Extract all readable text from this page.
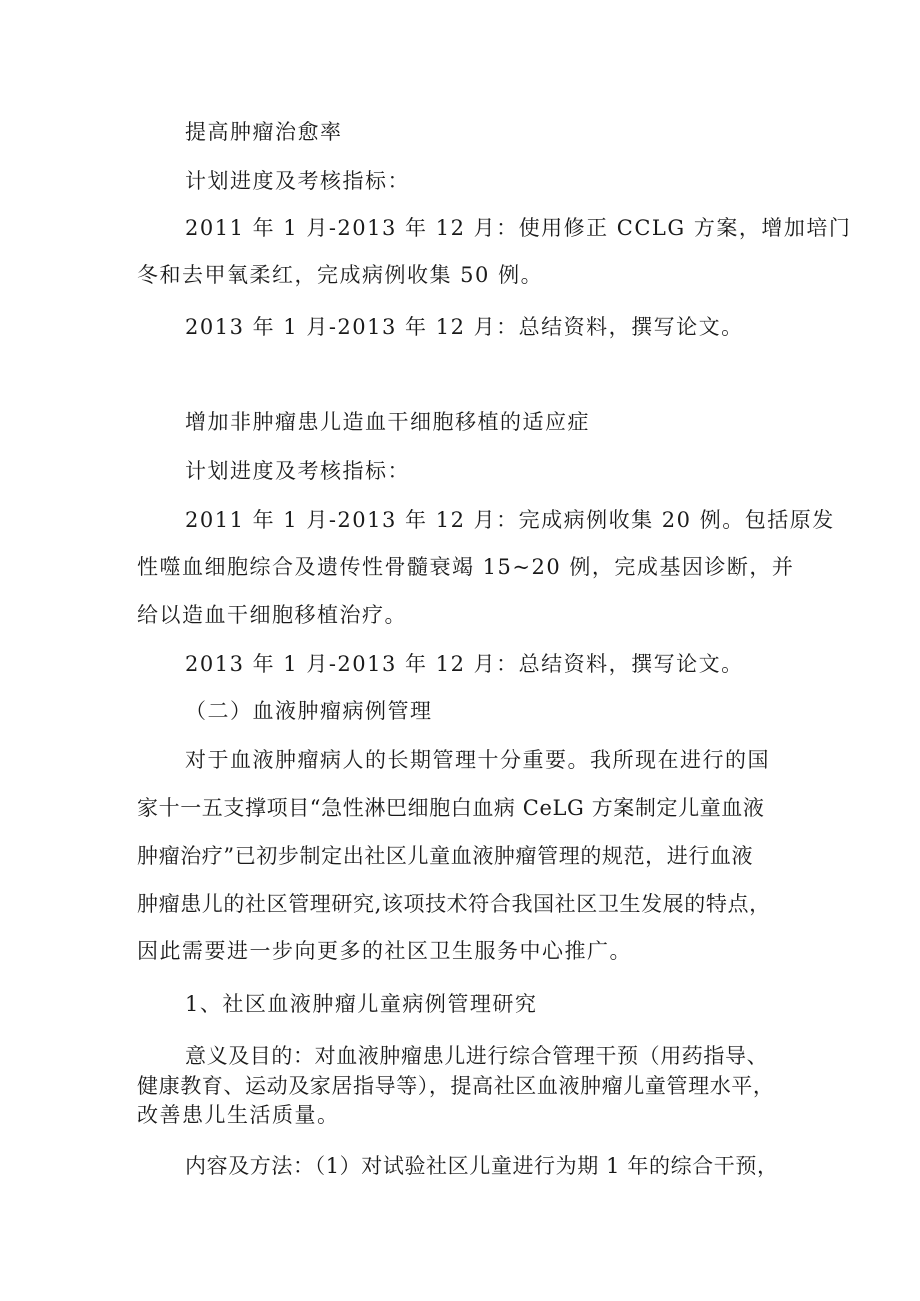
提高肿瘤治愈率
计划进度及考核指标：
2011 年 1 月-2013 年 12 月：使用修正 CCLG 方案，增加培门
冬和去甲氧柔红，完成病例收集 50 例。
2013 年 1 月-2013 年 12 月：总结资料，撰写论文。
增加非肿瘤患儿造血干细胞移植的适应症
计划进度及考核指标：
2011 年 1 月-2013 年 12 月：完成病例收集 20 例。包括原发
性噬血细胞综合及遗传性骨髓衰竭 15~20 例，完成基因诊断，并
给以造血干细胞移植治疗。
2013 年 1 月-2013 年 12 月：总结资料，撰写论文。
（二）血液肿瘤病例管理
对于血液肿瘤病人的长期管理十分重要。我所现在进行的国
家十一五支撑项目“急性淋巴细胞白血病 CeLG 方案制定儿童血液
肿瘤治疗”已初步制定出社区儿童血液肿瘤管理的规范，进行血液
肿瘤患儿的社区管理研究,该项技术符合我国社区卫生发展的特点，
因此需要进一步向更多的社区卫生服务中心推广。
1、社区血液肿瘤儿童病例管理研究
意义及目的：对血液肿瘤患儿进行综合管理干预（用药指导、
健康教育、运动及家居指导等），提高社区血液肿瘤儿童管理水平，
改善患儿生活质量。
内容及方法：（1）对试验社区儿童进行为期 1 年的综合干预，
